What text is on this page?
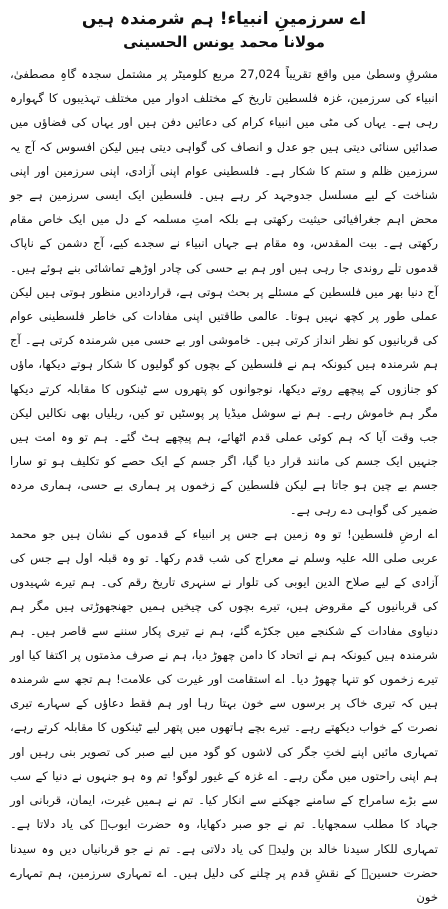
اے سرزمینِ انبیاء! ہم شرمندہ ہیں
مولانا محمد یونس الحسینی

مشرقِ وسطیٰ میں واقع تقریباً 27,024 مربع کلومیٹر پر مشتمل سجدہ گاہِ مصطفیٰ، انبیاء کی سرزمین، غزہ فلسطین تاریخ کے مختلف ادوار میں مختلف تہذیبوں کا گہوارہ رہی ہے۔ یہاں کی مٹی میں انبیاء کرام کی دعائیں دفن ہیں اور یہاں کی فضاؤں میں صدائیں سنائی دیتی ہیں جو عدل و انصاف کی گواہی دیتی ہیں لیکن افسوس کہ آج یہ سرزمین ظلم و ستم کا شکار ہے۔ فلسطینی عوام اپنی آزادی، اپنی سرزمین اور اپنی شناخت کے لیے مسلسل جدوجہد کر رہے ہیں۔ فلسطین ایک ایسی سرزمین ہے جو محض اہم جغرافیائی حیثیت رکھتی ہے بلکہ امتِ مسلمہ کے دل میں ایک خاص مقام رکھتی ہے۔ بیت المقدس، وہ مقام ہے جہاں انبیاء نے سجدے کیے، آج دشمن کے ناپاک قدموں تلے روندی جا رہی ہیں اور ہم بے حسی کی چادر اوڑھے تماشائی بنے ہوئے ہیں۔ آج دنیا بھر میں فلسطین کے مسئلے پر بحث ہوتی ہے، قراردادیں منظور ہوتی ہیں لیکن عملی طور پر کچھ نہیں ہوتا۔ عالمی طاقتیں اپنی مفادات کی خاطر فلسطینی عوام کی قربانیوں کو نظر انداز کرتی ہیں۔ خاموشی اور بے حسی میں شرمندہ کرتی ہے۔ آج ہم شرمندہ ہیں کیونکہ ہم نے فلسطین کے بچوں کو گولیوں کا شکار ہوتے دیکھا، ماؤں کو جنازوں کے پیچھے روتے دیکھا، نوجوانوں کو پتھروں سے ٹینکوں کا مقابلہ کرتے دیکھا مگر ہم خاموش رہے۔ ہم نے سوشل میڈیا پر پوسٹیں تو کیں، ریلیاں بھی نکالیں لیکن جب وقت آیا کہ ہم کوئی عملی قدم اٹھائے، ہم پیچھے ہٹ گئے۔ ہم تو وہ امت ہیں جنہیں ایک جسم کی مانند قرار دیا گیا، اگر جسم کے ایک حصے کو تکلیف ہو تو سارا جسم بے چین ہو جاتا ہے لیکن فلسطین کے زخموں پر ہماری بے حسی، ہماری مردہ ضمیر کی گواہی دے رہی ہے۔

اے ارضِ فلسطین! تو وہ زمین ہے جس پر انبیاء کے قدموں کے نشان ہیں جو محمد عربی صلی اللہ علیہ وسلم نے معراج کی شب قدم رکھا۔ تو وہ قبلہ اول ہے جس کی آزادی کے لیے صلاح الدین ایوبی کی تلوار نے سنہری تاریخ رقم کی۔ ہم تیرے شہیدوں کی قربانیوں کے مقروض ہیں، تیرے بچوں کی چیخیں ہمیں جھنجھوڑتی ہیں مگر ہم دنیاوی مفادات کے شکنجے میں جکڑے گئے، ہم نے تیری پکار سننے سے قاصر ہیں۔ ہم شرمندہ ہیں کیونکہ ہم نے اتحاد کا دامن چھوڑ دیا، ہم نے صرف مذمتوں پر اکتفا کیا اور تیرے زخموں کو تنہا چھوڑ دیا۔ اے استقامت اور غیرت کی علامت! ہم تجھ سے شرمندہ ہیں کہ تیری خاک پر برسوں سے خون بہتا رہا اور ہم فقط دعاؤں کے سہارے تیری نصرت کے خواب دیکھتے رہے۔ تیرے بچے ہاتھوں میں پتھر لیے ٹینکوں کا مقابلہ کرتے رہے، تمہاری مائیں اپنے لختِ جگر کی لاشوں کو گود میں لیے صبر کی تصویر بنی رہیں اور ہم اپنی راحتوں میں مگن رہے۔ اے غزہ کے غیور لوگو! تم وہ ہو جنہوں نے دنیا کے سب سے بڑے سامراج کے سامنے جھکنے سے انکار کیا۔ تم نے ہمیں غیرت، ایمان، قربانی اور جہاد کا مطلب سمجھایا۔ تم نے جو صبر دکھایا، وہ حضرت ایوبؑ کی یاد دلاتا ہے۔ تمہاری للکار سیدنا خالد بن ولیدؓ کی یاد دلاتی ہے۔ تم نے جو قربانیاں دیں وہ سیدنا حضرت حسینؓ کے نقشِ قدم پر چلنے کی دلیل ہیں۔ اے تمہاری سرزمین، ہم تمہارے خون
